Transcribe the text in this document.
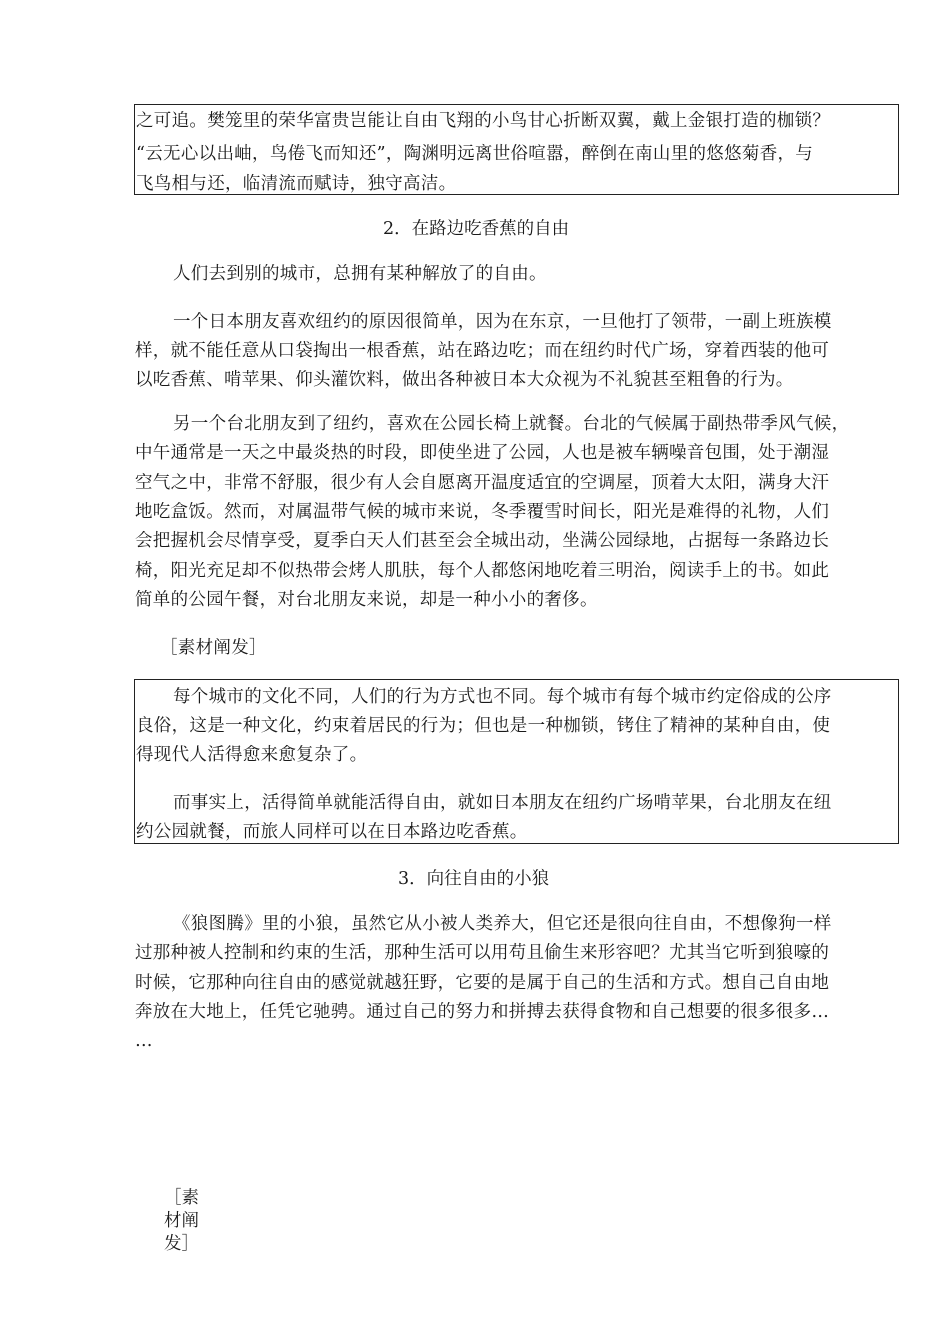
之可追。樊笼里的荣华富贵岂能让自由飞翔的小鸟甘心折断双翼，戴上金银打造的枷锁？
“云无心以出岫，鸟倦飞而知还”，陶渊明远离世俗喧嚣，醉倒在南山里的悠悠菊香，与
飞鸟相与还，临清流而赋诗，独守高洁。
2．在路边吃香蕉的自由
人们去到别的城市，总拥有某种解放了的自由。
一个日本朋友喜欢纽约的原因很简单，因为在东京，一旦他打了领带，一副上班族模
样，就不能任意从口袋掏出一根香蕉，站在路边吃；而在纽约时代广场，穿着西装的他可
以吃香蕉、啃苹果、仰头灌饮料，做出各种被日本大众视为不礼貌甚至粗鲁的行为。
另一个台北朋友到了纽约，喜欢在公园长椅上就餐。台北的气候属于副热带季风气候，
中午通常是一天之中最炎热的时段，即使坐进了公园，人也是被车辆噪音包围，处于潮湿
空气之中，非常不舒服，很少有人会自愿离开温度适宜的空调屋，顶着大太阳，满身大汗
地吃盒饭。然而，对属温带气候的城市来说，冬季覆雪时间长，阳光是难得的礼物，人们
会把握机会尽情享受，夏季白天人们甚至会全城出动，坐满公园绿地，占据每一条路边长
椅，阳光充足却不似热带会烤人肌肤，每个人都悠闲地吃着三明治，阅读手上的书。如此
简单的公园午餐，对台北朋友来说，却是一种小小的奢侈。
［素材阐发］
每个城市的文化不同，人们的行为方式也不同。每个城市有每个城市约定俗成的公序
良俗，这是一种文化，约束着居民的行为；但也是一种枷锁，铐住了精神的某种自由，使
得现代人活得愈来愈复杂了。
而事实上，活得简单就能活得自由，就如日本朋友在纽约广场啃苹果，台北朋友在纽
约公园就餐，而旅人同样可以在日本路边吃香蕉。
3．向往自由的小狼
《狼图腾》里的小狼，虽然它从小被人类养大，但它还是很向往自由，不想像狗一样
过那种被人控制和约束的生活，那种生活可以用苟且偷生来形容吧？尤其当它听到狼嚎的
时候，它那种向往自由的感觉就越狂野，它要的是属于自己的生活和方式。想自己自由地
奔放在大地上，任凭它驰骋。通过自己的努力和拼搏去获得食物和自己想要的很多很多…
…
［素
材阐
发］
